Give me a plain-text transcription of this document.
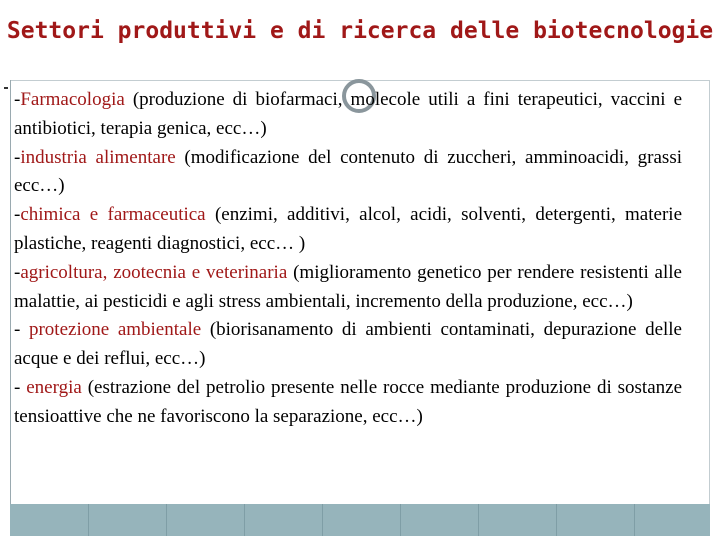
Settori produttivi e di ricerca delle biotecnologie

-Farmacologia (produzione di biofarmaci, molecole utili a fini terapeutici, vaccini e antibiotici, terapia genica, ecc…)

-industria alimentare (modificazione del contenuto di zuccheri, amminoacidi, grassi ecc…)

-chimica e farmaceutica (enzimi, additivi, alcol, acidi, solventi, detergenti, materie plastiche, reagenti diagnostici, ecc… )

-agricoltura, zootecnia e veterinaria (miglioramento genetico per rendere resistenti alle malattie, ai pesticidi e agli stress ambientali, incremento della produzione, ecc…)

- protezione ambientale (biorisanamento di ambienti contaminati, depurazione delle acque e dei reflui, ecc…)

- energia (estrazione del petrolio presente nelle rocce mediante produzione di sostanze tensioattive che ne favoriscono la separazione, ecc…)
